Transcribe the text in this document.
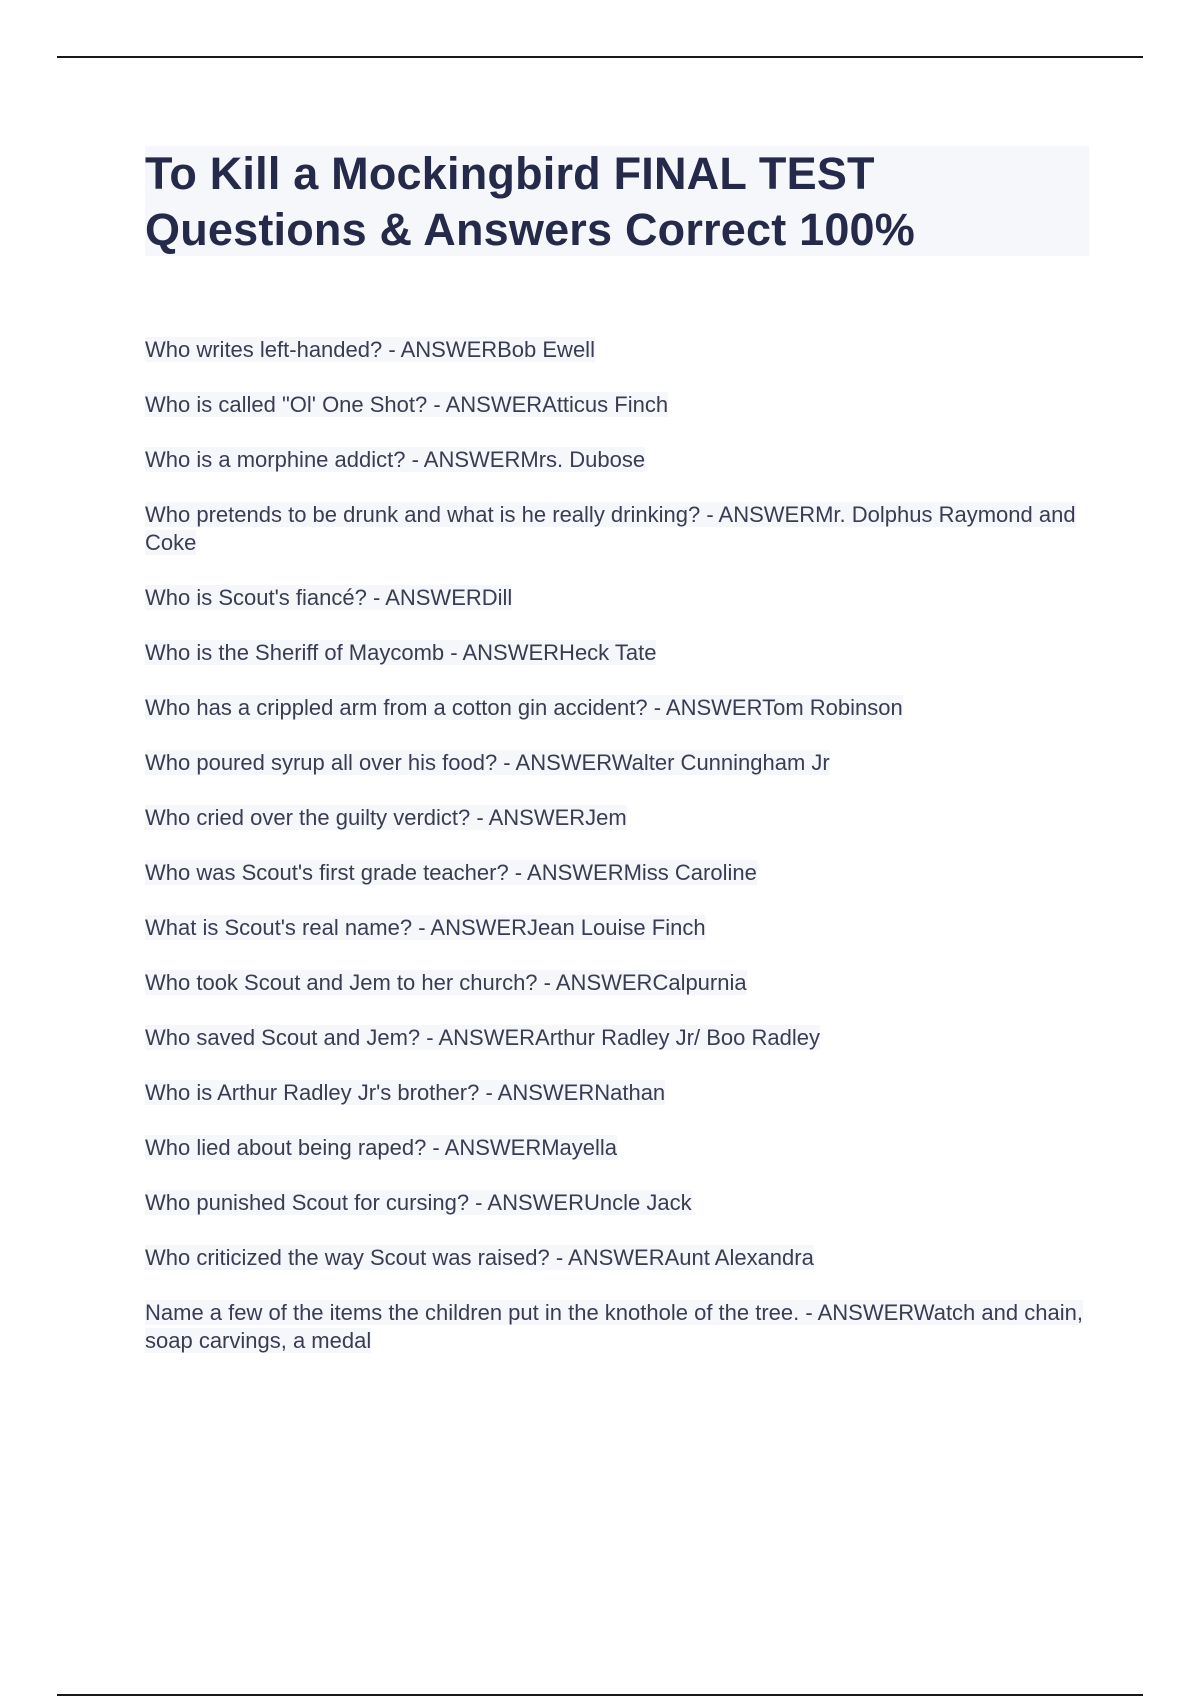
To Kill a Mockingbird FINAL TEST
Questions & Answers Correct 100%
Who writes left-handed? - ANSWERBob Ewell
Who is called "Ol' One Shot? - ANSWERAtticus Finch
Who is a morphine addict? - ANSWERMrs. Dubose
Who pretends to be drunk and what is he really drinking? - ANSWERMr. Dolphus Raymond and Coke
Who is Scout's fiancé? - ANSWERDill
Who is the Sheriff of Maycomb - ANSWERHeck Tate
Who has a crippled arm from a cotton gin accident? - ANSWERTom Robinson
Who poured syrup all over his food? - ANSWERWalter Cunningham Jr
Who cried over the guilty verdict? - ANSWERJem
Who was Scout's first grade teacher? - ANSWERMiss Caroline
What is Scout's real name? - ANSWERJean Louise Finch
Who took Scout and Jem to her church? - ANSWERCalpurnia
Who saved Scout and Jem? - ANSWERArthur Radley Jr/ Boo Radley
Who is Arthur Radley Jr's brother? - ANSWERNathan
Who lied about being raped? - ANSWERMayella
Who punished Scout for cursing? - ANSWERUncle Jack
Who criticized the way Scout was raised? - ANSWERAunt Alexandra
Name a few of the items the children put in the knothole of the tree. - ANSWERWatch and chain, soap carvings, a medal
